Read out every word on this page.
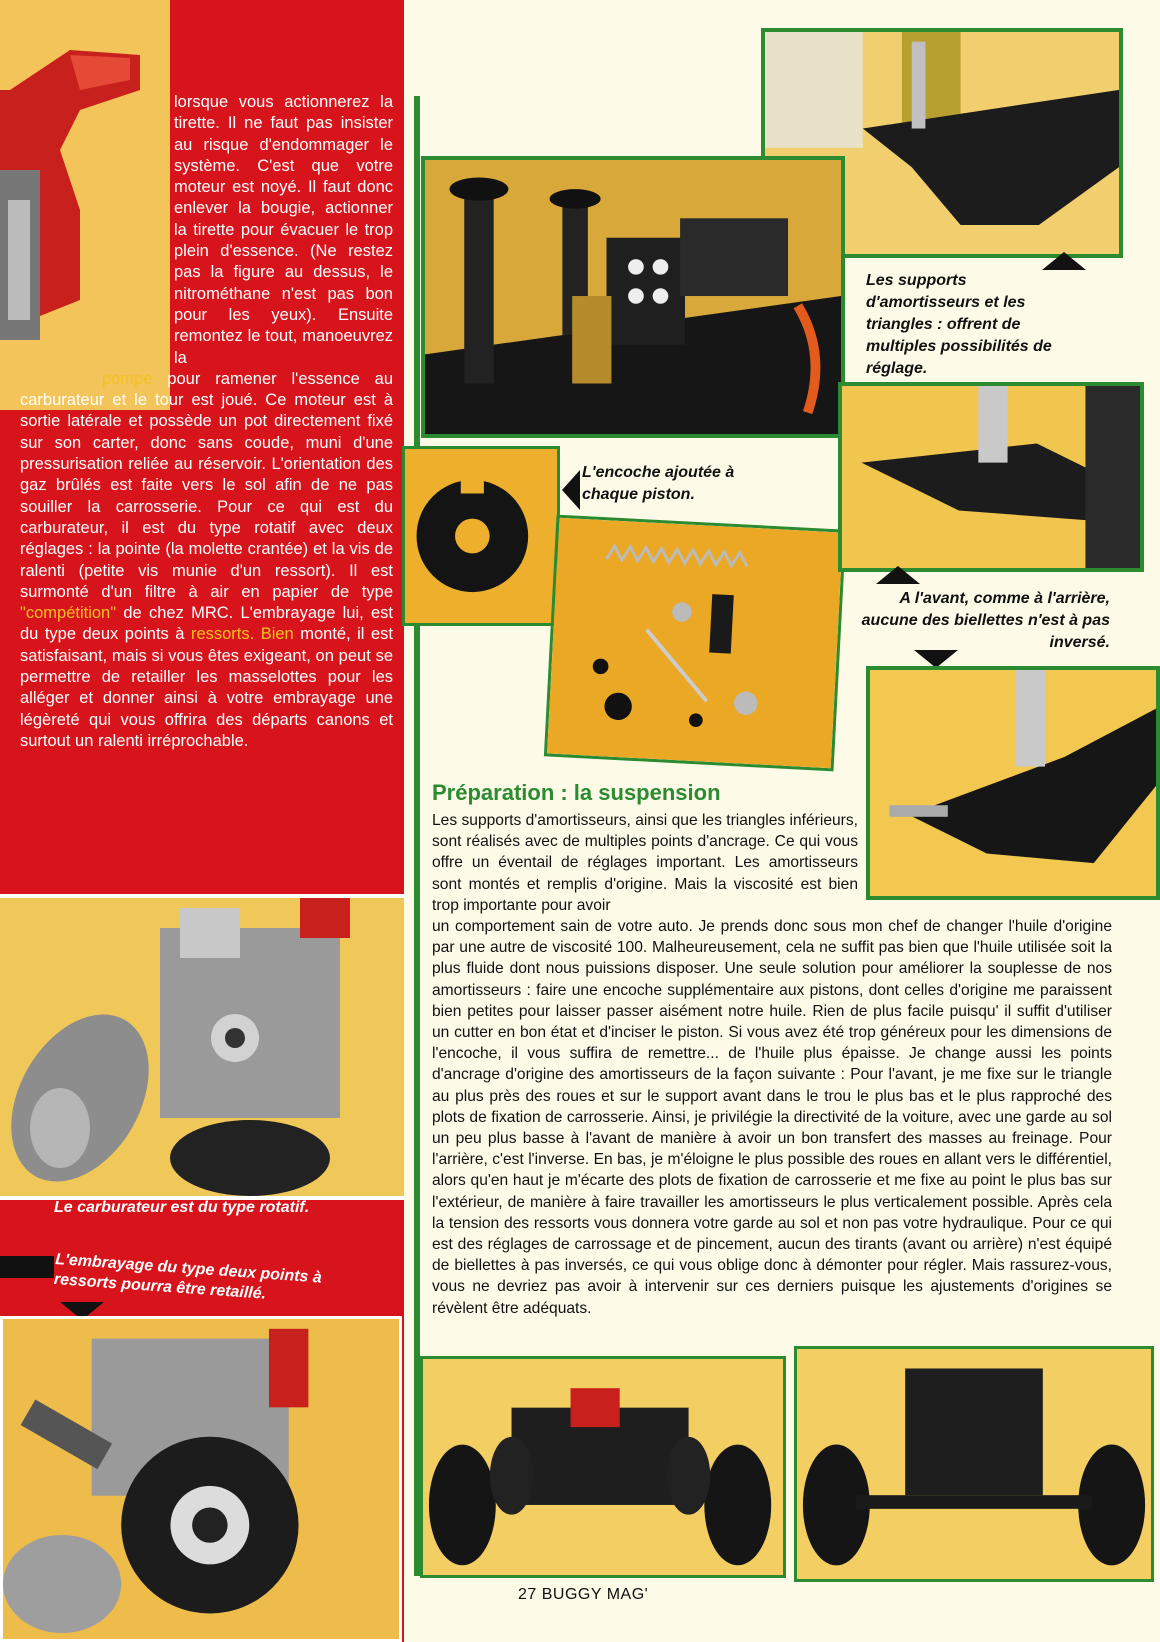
lorsque vous actionnerez la tirette. Il ne faut pas insister au risque d'endommager le système. C'est que votre moteur est noyé. Il faut donc enlever la bougie, actionner la tirette pour évacuer le trop plein d'essence. (Ne restez pas la figure au dessus, le nitrométhane n'est pas bon pour les yeux). Ensuite remontez le tout, manoeuvrez la
pompe pour ramener l'essence au carburateur et le tour est joué. Ce moteur est à sortie latérale et possède un pot directement fixé sur son carter, donc sans coude, muni d'une pressurisation reliée au réservoir. L'orientation des gaz brûlés est faite vers le sol afin de ne pas souiller la carrosserie. Pour ce qui est du carburateur, il est du type rotatif avec deux réglages : la pointe (la molette crantée) et la vis de ralenti (petite vis munie d'un ressort). Il est surmonté d'un filtre à air en papier de type "compétition" de chez MRC. L'embrayage lui, est du type deux points à ressorts. Bien monté, il est satisfaisant, mais si vous êtes exigeant, on peut se permettre de retailler les masselottes pour les alléger et donner ainsi à votre embrayage une légèreté qui vous offrira des départs canons et surtout un ralenti irréprochable.
Le carburateur est du type rotatif.
L'embrayage du type deux points à ressorts pourra être retaillé.
Les supports d'amortisseurs et les triangles : offrent de multiples possibilités de réglage.
L'encoche ajoutée à chaque piston.
A l'avant, comme à l'arrière, aucune des biellettes n'est à pas inversé.
Préparation : la suspension
Les supports d'amortisseurs, ainsi que les triangles inférieurs, sont réalisés avec de multiples points d'ancrage. Ce qui vous offre un éventail de réglages important. Les amortisseurs sont montés et remplis d'origine. Mais la viscosité est bien trop importante pour avoir
un comportement sain de votre auto. Je prends donc sous mon chef de changer l'huile d'origine par une autre de viscosité 100. Malheureusement, cela ne suffit pas bien que l'huile utilisée soit la plus fluide dont nous puissions disposer. Une seule solution pour améliorer la souplesse de nos amortisseurs : faire une encoche supplémentaire aux pistons, dont celles d'origine me paraissent bien petites pour laisser passer aisément notre huile. Rien de plus facile puisqu' il suffit d'utiliser un cutter en bon état et d'inciser le piston. Si vous avez été trop généreux pour les dimensions de l'encoche, il vous suffira de remettre... de l'huile plus épaisse. Je change aussi les points d'ancrage d'origine des amortisseurs de la façon suivante : Pour l'avant, je me fixe sur le triangle au plus près des roues et sur le support avant dans le trou le plus bas et le plus rapproché des plots de fixation de carrosserie. Ainsi, je privilégie la directivité de la voiture, avec une garde au sol un peu plus basse à l'avant de manière à avoir un bon transfert des masses au freinage. Pour l'arrière, c'est l'inverse. En bas, je m'éloigne le plus possible des roues en allant vers le différentiel, alors qu'en haut je m'écarte des plots de fixation de carrosserie et me fixe au point le plus bas sur l'extérieur, de manière à faire travailler les amortisseurs le plus verticalement possible. Après cela la tension des ressorts vous donnera votre garde au sol et non pas votre hydraulique. Pour ce qui est des réglages de carrossage et de pincement, aucun des tirants (avant ou arrière) n'est équipé de biellettes à pas inversés, ce qui vous oblige donc à démonter pour régler. Mais rassurez-vous, vous ne devriez pas avoir à intervenir sur ces derniers puisque les ajustements d'origines se révèlent être adéquats.
27 BUGGY MAG'
